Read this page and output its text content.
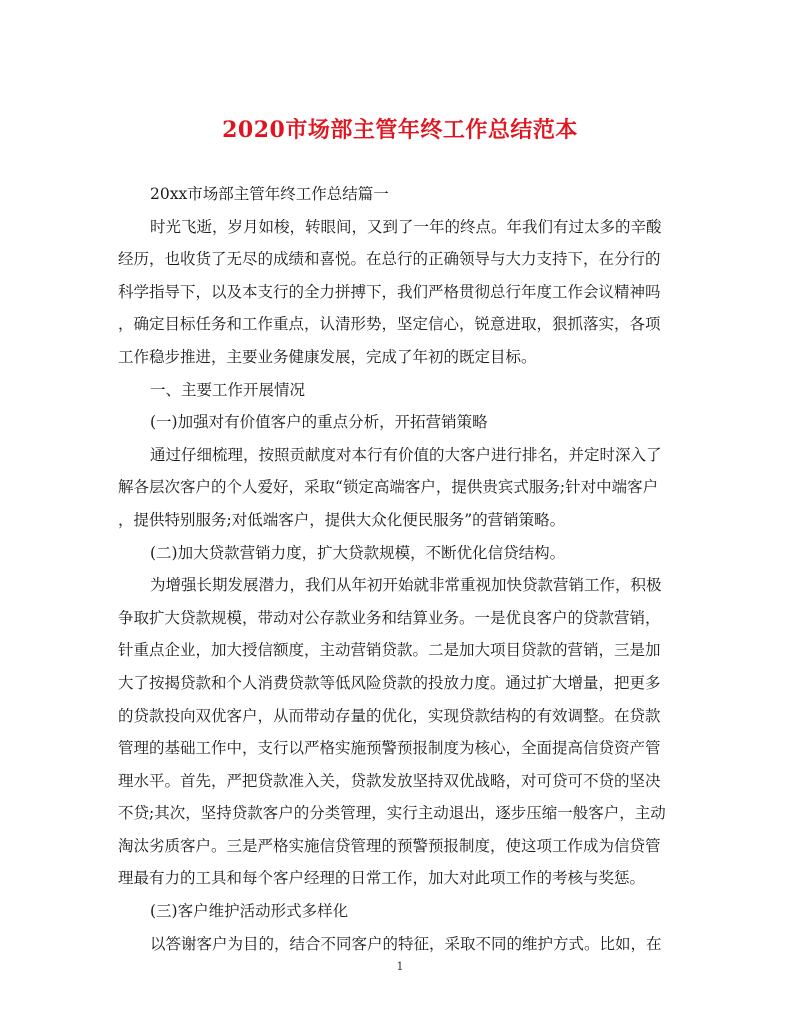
2020市场部主管年终工作总结范本
20xx市场部主管年终工作总结篇一
时光飞逝，岁月如梭，转眼间，又到了一年的终点。年我们有过太多的辛酸
经历，也收货了无尽的成绩和喜悦。在总行的正确领导与大力支持下，在分行的
科学指导下，以及本支行的全力拼搏下，我们严格贯彻总行年度工作会议精神吗
，确定目标任务和工作重点，认清形势，坚定信心，锐意进取，狠抓落实，各项
工作稳步推进，主要业务健康发展，完成了年初的既定目标。
一、主要工作开展情况
(一)加强对有价值客户的重点分析，开拓营销策略
通过仔细梳理，按照贡献度对本行有价值的大客户进行排名，并定时深入了
解各层次客户的个人爱好，采取“锁定高端客户，提供贵宾式服务;针对中端客户
，提供特别服务;对低端客户，提供大众化便民服务”的营销策略。
(二)加大贷款营销力度，扩大贷款规模，不断优化信贷结构。
为增强长期发展潜力，我们从年初开始就非常重视加快贷款营销工作，积极
争取扩大贷款规模，带动对公存款业务和结算业务。一是优良客户的贷款营销，
针重点企业，加大授信额度，主动营销贷款。二是加大项目贷款的营销，三是加
大了按揭贷款和个人消费贷款等低风险贷款的投放力度。通过扩大增量，把更多
的贷款投向双优客户，从而带动存量的优化，实现贷款结构的有效调整。在贷款
管理的基础工作中，支行以严格实施预警预报制度为核心，全面提高信贷资产管
理水平。首先，严把贷款准入关，贷款发放坚持双优战略，对可贷可不贷的坚决
不贷;其次，坚持贷款客户的分类管理，实行主动退出，逐步压缩一般客户，主动
淘汰劣质客户。三是严格实施信贷管理的预警预报制度，使这项工作成为信贷管
理最有力的工具和每个客户经理的日常工作，加大对此项工作的考核与奖惩。
(三)客户维护活动形式多样化
以答谢客户为目的，结合不同客户的特征，采取不同的维护方式。比如，在
1
